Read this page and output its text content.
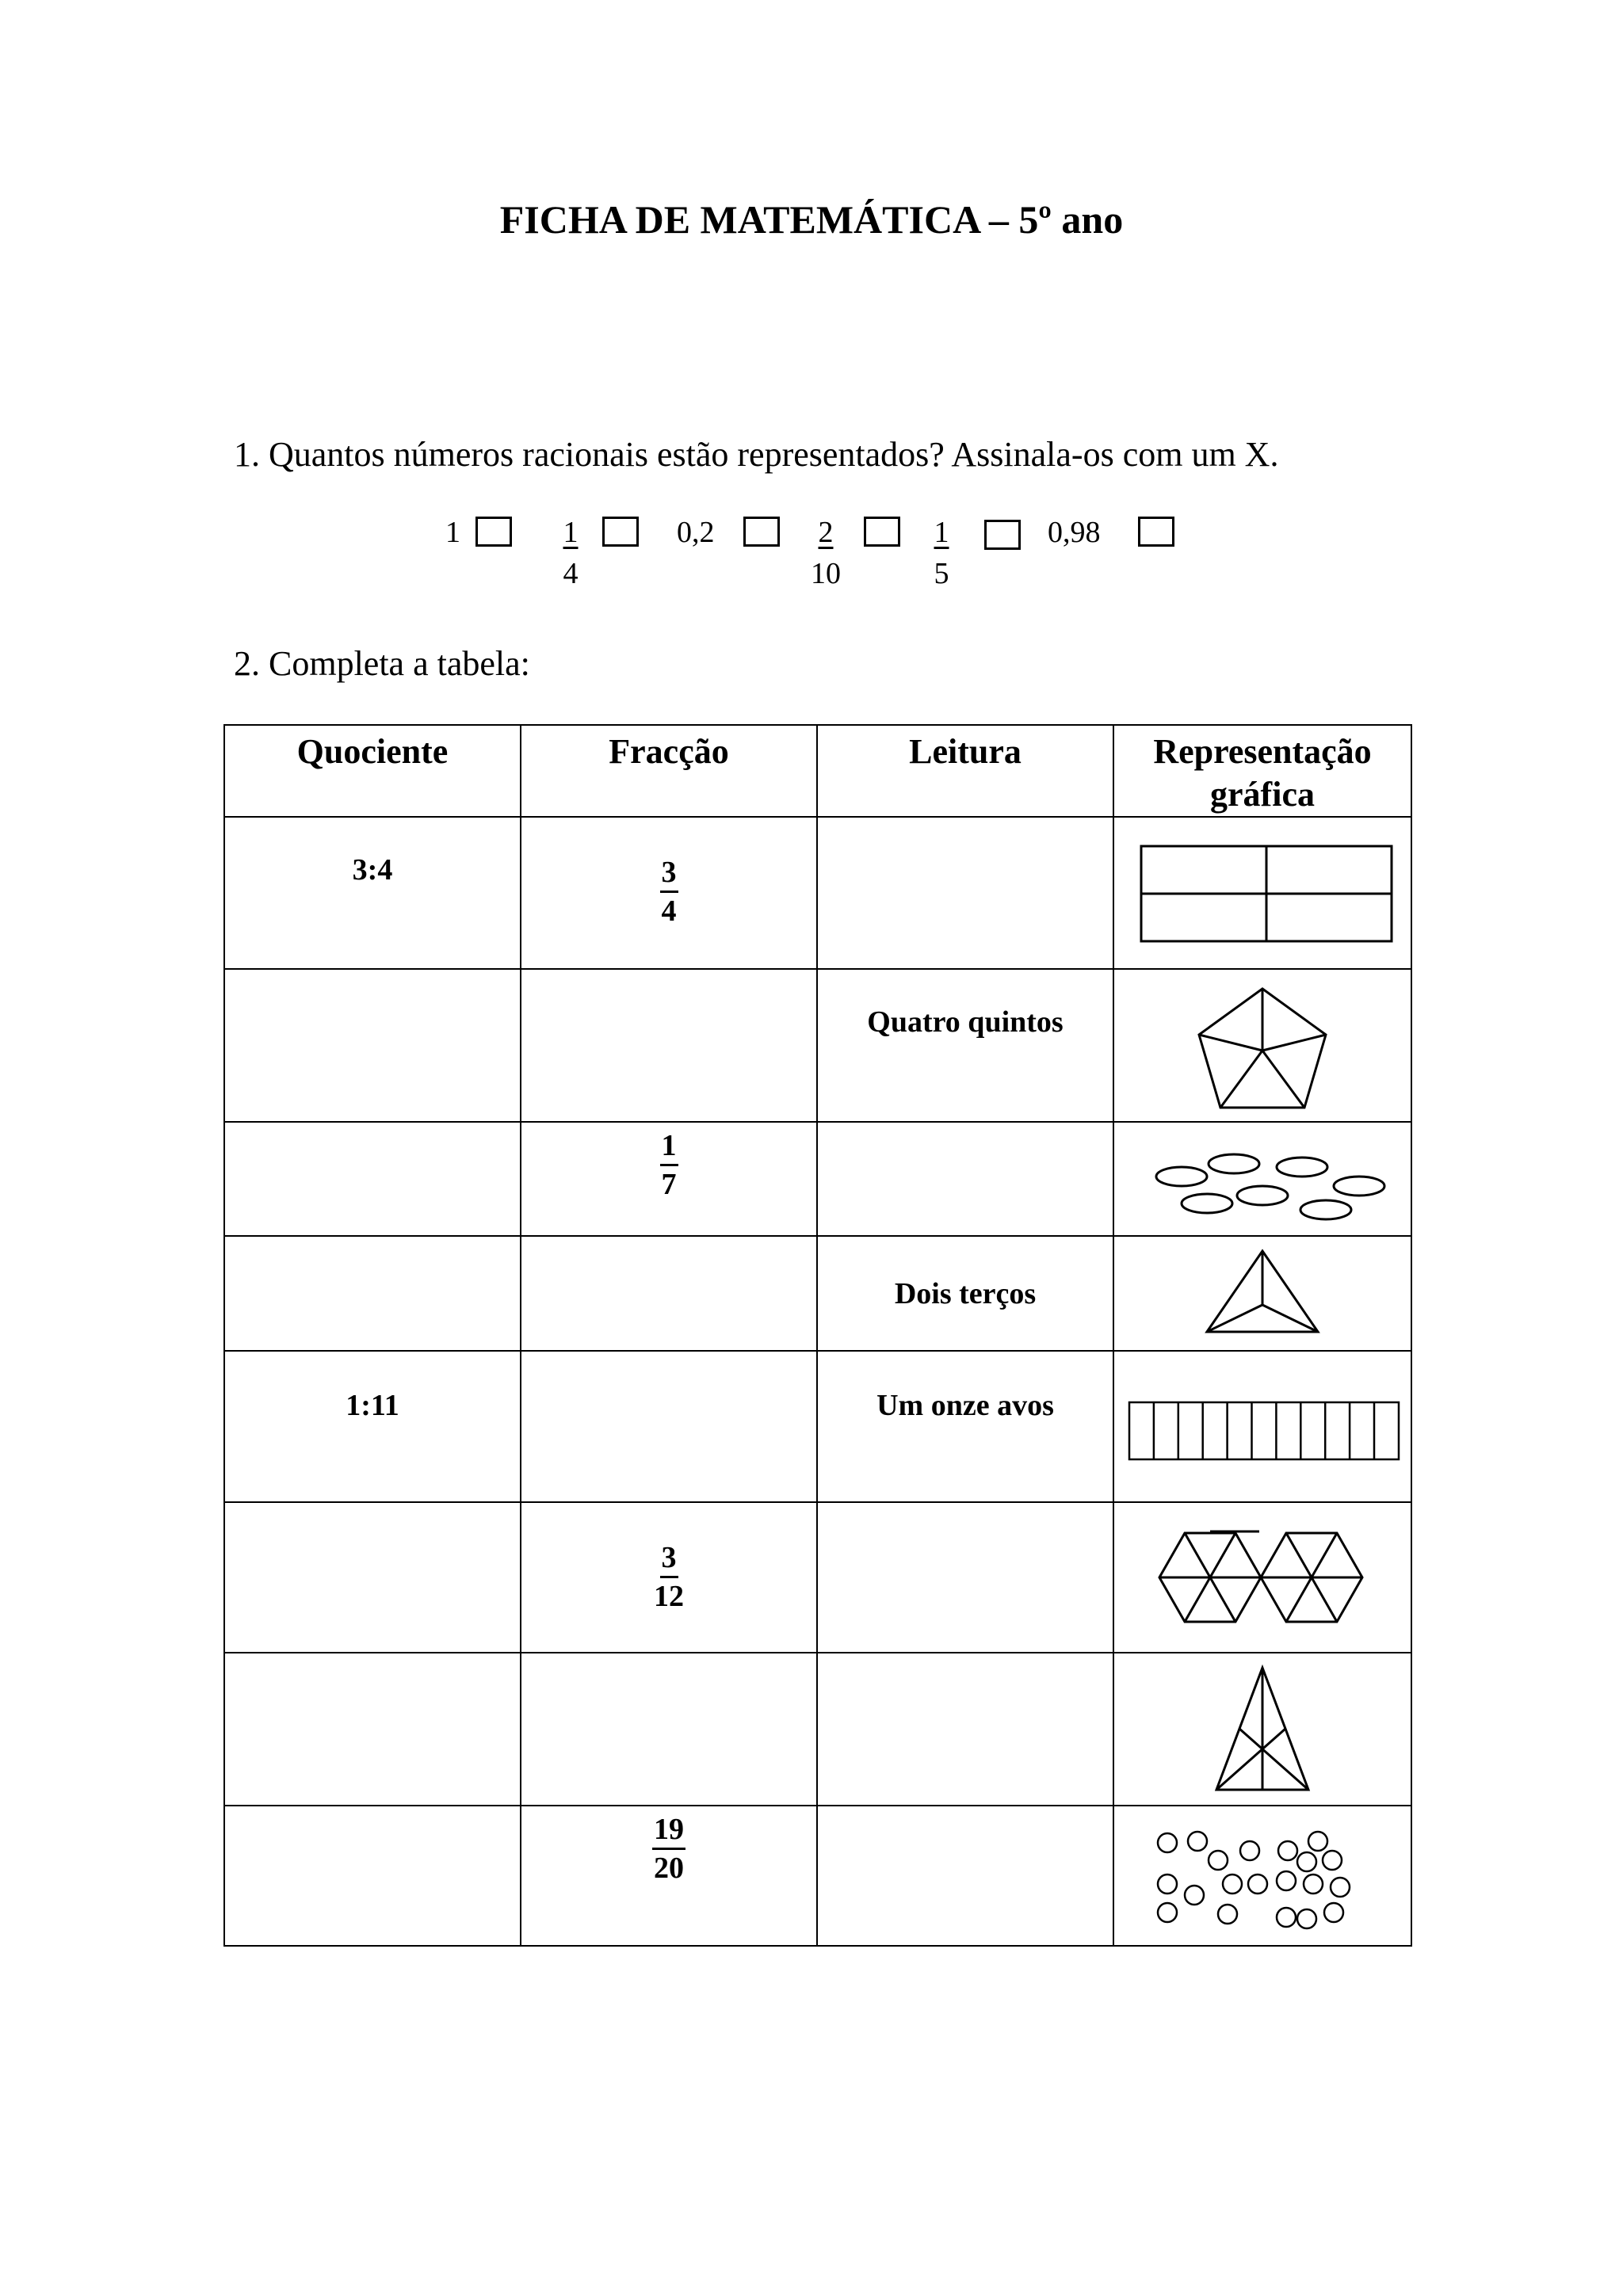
FICHA DE MATEMÁTICA – 5º ano
1. Quantos números racionais estão representados? Assinala-os com um X.
1	$\frac{1}{4}$	0,2	$\frac{2}{10} \frac{1}{5}$	0,98
2. Completa a tabela:
Quociente	Fracção	Leitura	Representação gráfica

3:4	3
4

		Quatro quintos

	1
7

		Dois terços

1:11		Um onze avos

	3
12

	19
20
